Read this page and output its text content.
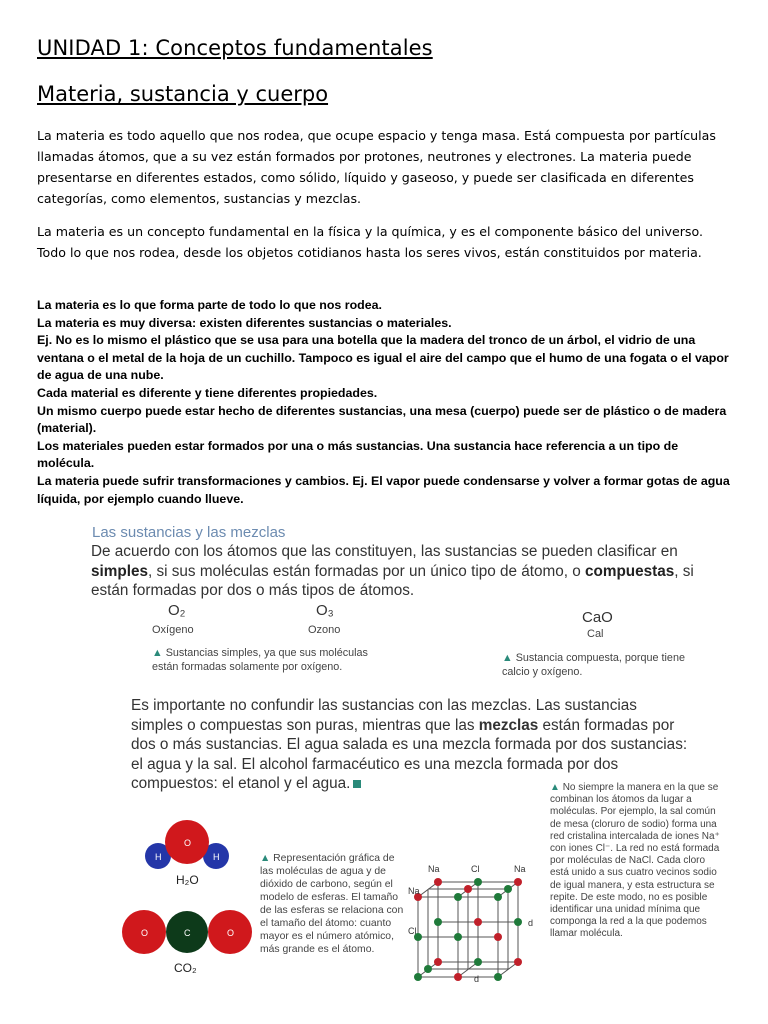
UNIDAD 1: Conceptos fundamentales
Materia, sustancia y cuerpo
La materia es todo aquello que nos rodea, que ocupe espacio y tenga masa. Está compuesta por partículas llamadas átomos, que a su vez están formados por protones, neutrones y electrones. La materia puede presentarse en diferentes estados, como sólido, líquido y gaseoso, y puede ser clasificada en diferentes categorías, como elementos, sustancias y mezclas.
La materia es un concepto fundamental en la física y la química, y es el componente básico del universo. Todo lo que nos rodea, desde los objetos cotidianos hasta los seres vivos, están constituidos por materia.

La materia es lo que forma parte de todo lo que nos rodea.

La materia es muy diversa: existen diferentes sustancias o materiales.

Ej. No es lo mismo el plástico que se usa para una botella que la madera del tronco de un árbol, el vidrio de una ventana o el metal de la hoja de un cuchillo. Tampoco es igual el aire del campo que el humo de una fogata o el vapor de agua de una nube.

Cada material es diferente y tiene diferentes propiedades.

Un mismo cuerpo puede estar hecho de diferentes sustancias, una mesa (cuerpo) puede ser de plástico o de madera (material).

Los materiales pueden estar formados por una o más sustancias. Una sustancia hace referencia a un tipo de molécula.

La materia puede sufrir transformaciones y cambios. Ej. El vapor puede condensarse y volver a formar gotas de agua líquida, por ejemplo cuando llueve.

Las sustancias y las mezclas
De acuerdo con los átomos que las constituyen, las sustancias se pueden clasificar en simples, si sus moléculas están formadas por un único tipo de átomo, o compuestas, si están formadas por dos o más tipos de átomos.
O₂
Oxígeno
O₃
Ozono
CaO
Cal
▲ Sustancias simples, ya que sus moléculas están formadas solamente por oxígeno.
▲ Sustancia compuesta, porque tiene calcio y oxígeno.
Es importante no confundir las sustancias con las mezclas. Las sustancias simples o compuestas son puras, mientras que las mezclas están formadas por dos o más sustancias. El agua salada es una mezcla formada por dos sustancias: el agua y la sal. El alcohol farmacéutico es una mezcla formada por dos compuestos: el etanol y el agua.	▲ No siempre la manera en la que se combinan los átomos da lugar a moléculas. Por ejemplo, la sal común de mesa (cloruro de sodio) forma una red cristalina intercalada de iones Na⁺ con iones Cl⁻. La red no está formada por moléculas de NaCl. Cada cloro está unido a sus cuatro vecinos sodio de igual manera, y esta estructura se repite. De este modo, no es posible identificar una unidad mínima que componga la red a la que podemos llamar molécula.
H	H
O
H₂O
O	C	O
CO₂
▲ Representación gráfica de las moléculas de agua y de dióxido de carbono, según el modelo de esferas. El tamaño de las esferas se relaciona con el tamaño del átomo: cuanto mayor es el número atómico, más grande es el átomo.
Na	Cl	Na
Na
Cl
d
d
